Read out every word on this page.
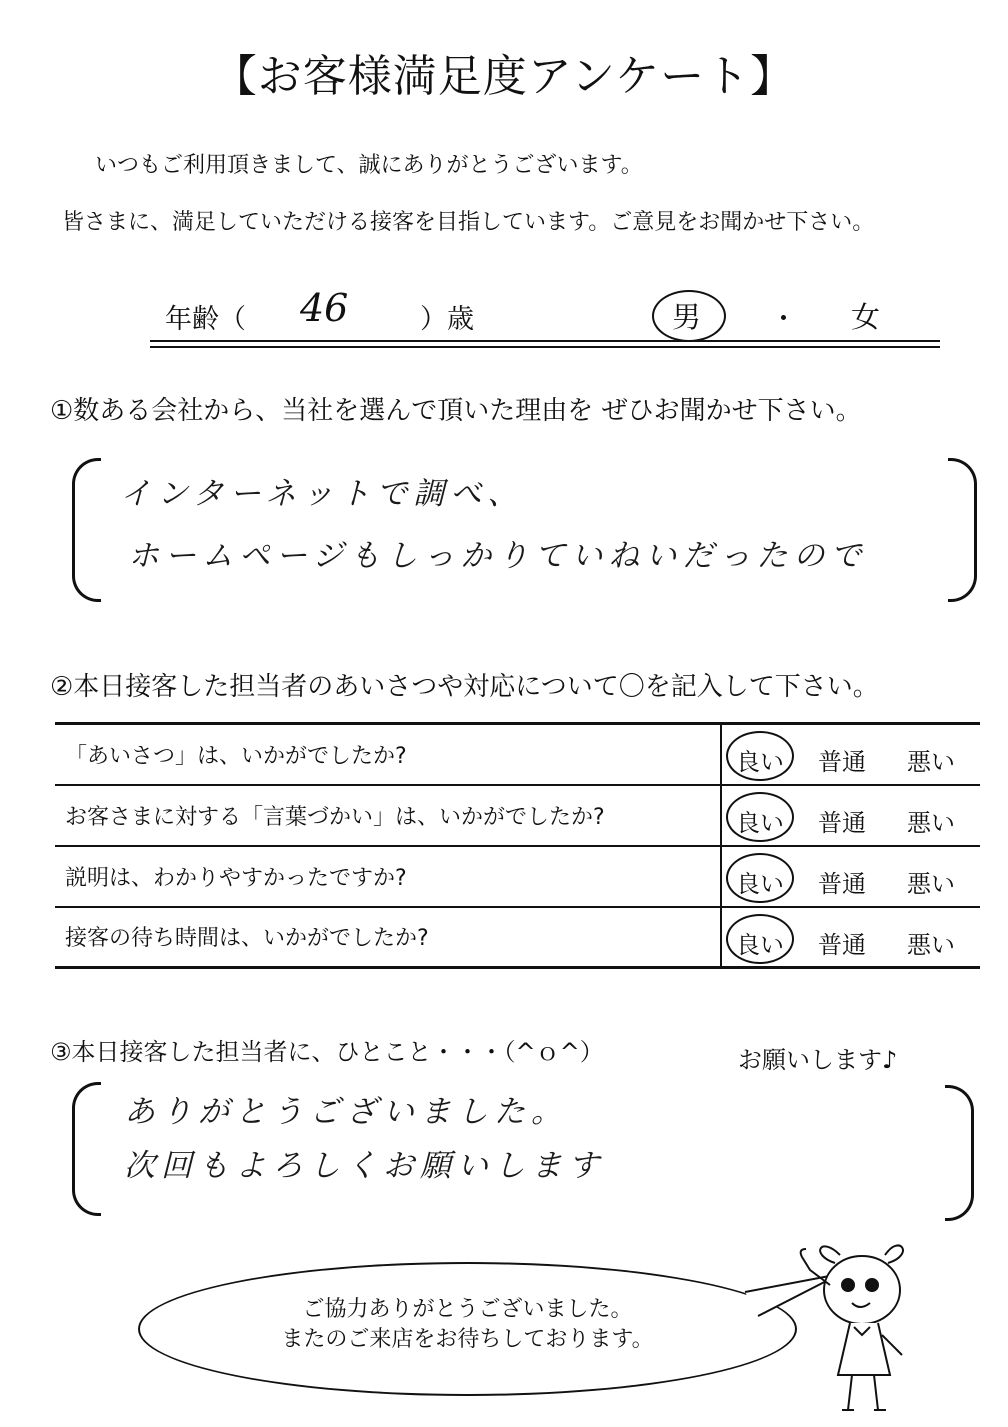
【お客様満足度アンケート】
いつもご利用頂きまして、誠にありがとうございます。
皆さまに、満足していただける接客を目指しています。ご意見をお聞かせ下さい。
年齢（ 46	）歳	男	・ 女
①数ある会社から、当社を選んで頂いた理由を ぜひお聞かせ下さい。
インターネットで調べ、
ホームページもしっかりていねいだったので
②本日接客した担当者のあいさつや対応について〇を記入して下さい。
「あいさつ」は、いかがでしたか?	良い 普通 悪い

お客さまに対する「言葉づかい」は、いかがでしたか?	良い 普通 悪い

説明は、わかりやすかったですか?	良い 普通 悪い

接客の待ち時間は、いかがでしたか?	良い 普通 悪い
③本日接客した担当者に、ひとこと・・・（^ｏ^）	お願いします♪
ありがとうございました。
次回もよろしくお願いします
ご協力ありがとうございました。
またのご来店をお待ちしております。
